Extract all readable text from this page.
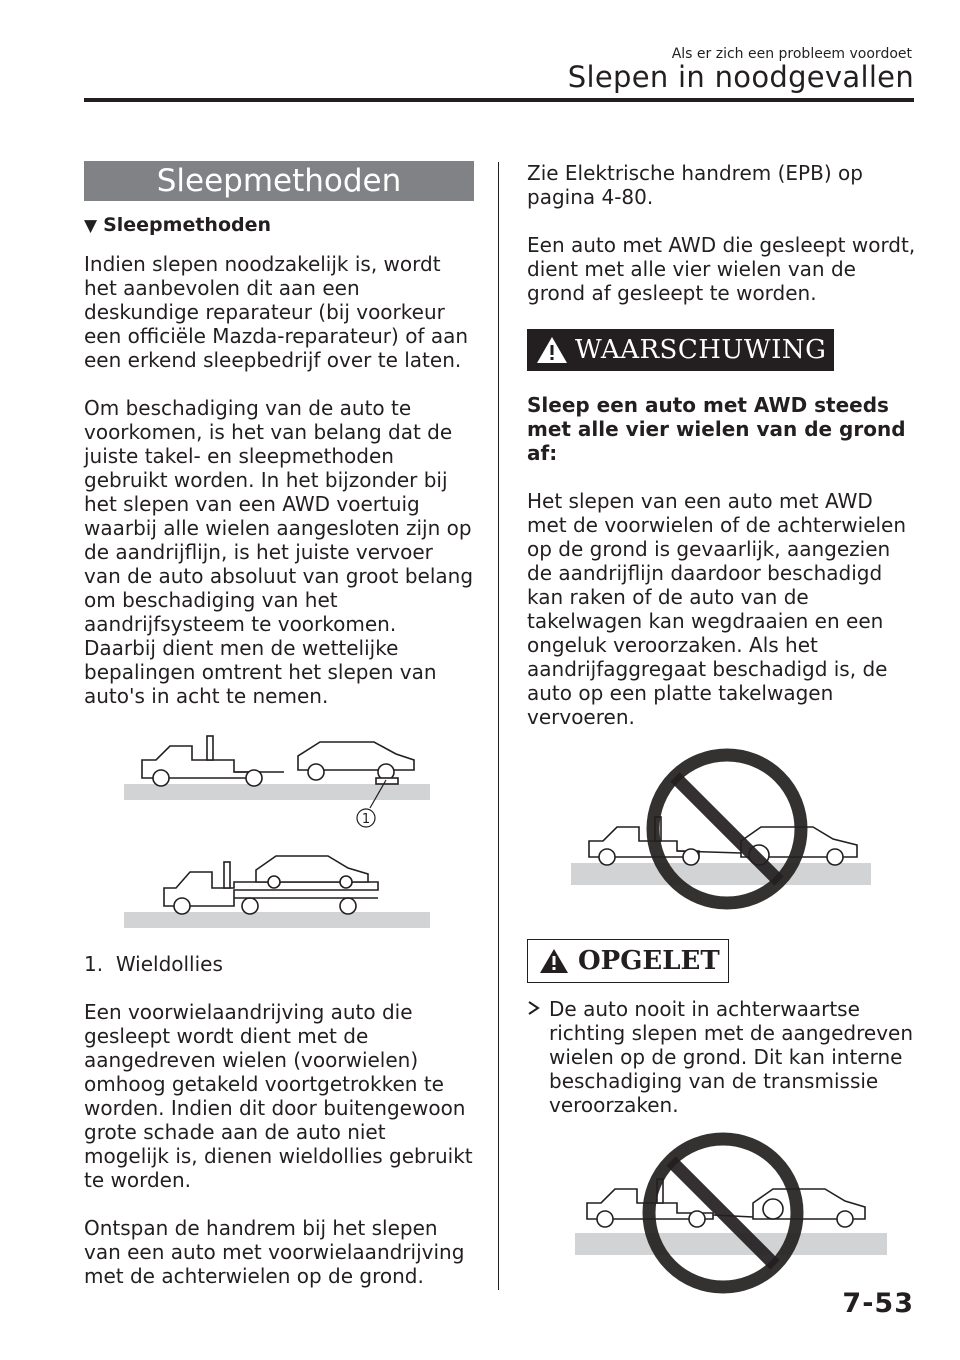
Als er zich een probleem voordoet
Slepen in noodgevallen
Sleepmethoden
▼ Sleepmethoden

Indien slepen noodzakelijk is, wordt het aanbevolen dit aan een deskundige reparateur (bij voorkeur een officiële Mazda-reparateur) of aan een erkend sleepbedrijf over te laten.

Om beschadiging van de auto te voorkomen, is het van belang dat de juiste takel- en sleepmethoden gebruikt worden. In het bijzonder bij het slepen van een AWD voertuig waarbij alle wielen aangesloten zijn op de aandrijflijn, is het juiste vervoer van de auto absoluut van groot belang om beschadiging van het aandrijfsysteem te voorkomen. Daarbij dient men de wettelijke bepalingen omtrent het slepen van auto's in acht te nemen.

1
1. Wieldollies

Een voorwielaandrijving auto die gesleept wordt dient met de aangedreven wielen (voorwielen) omhoog getakeld voortgetrokken te worden. Indien dit door buitengewoon grote schade aan de auto niet mogelijk is, dienen wieldollies gebruikt te worden.

Ontspan de handrem bij het slepen van een auto met voorwielaandrijving met de achterwielen op de grond.

Zie Elektrische handrem (EPB) op pagina 4-80.

Een auto met AWD die gesleept wordt, dient met alle vier wielen van de grond af gesleept te worden.

WAARSCHUWING

Sleep een auto met AWD steeds met alle vier wielen van de grond af:

Het slepen van een auto met AWD met de voorwielen of de achterwielen op de grond is gevaarlijk, aangezien de aandrijflijn daardoor beschadigd kan raken of de auto van de takelwagen kan wegdraaien en een ongeluk veroorzaken. Als het aandrijfaggregaat beschadigd is, de auto op een platte takelwagen vervoeren.

OPGELET
De auto nooit in achterwaartse richting slepen met de aangedreven wielen op de grond. Dit kan interne beschadiging van de transmissie veroorzaken.
7-53
